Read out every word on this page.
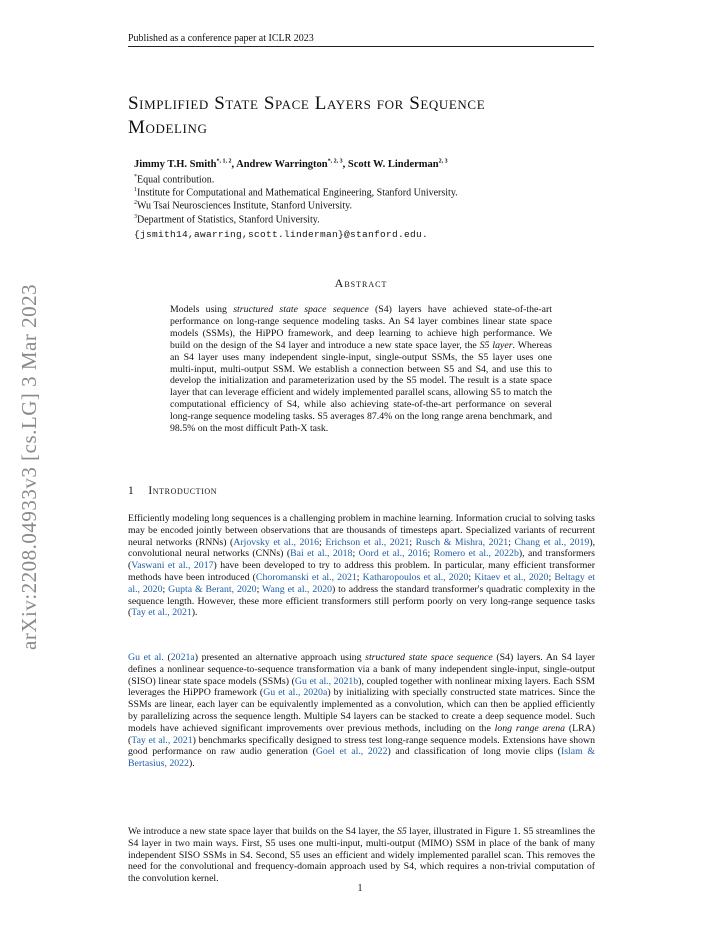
Published as a conference paper at ICLR 2023
arXiv:2208.04933v3 [cs.LG] 3 Mar 2023
Simplified State Space Layers for Sequence
Modeling
Jimmy T.H. Smith$^{*, 1, 2}$, Andrew Warrington$^{*, 2, 3}$, Scott W. Linderman$^{2, 3}$
*Equal contribution.
$^1$Institute for Computational and Mathematical Engineering, Stanford University.
$^2$Wu Tsai Neurosciences Institute, Stanford University.
$^3$Department of Statistics, Stanford University.
{jsmith14,awarring,scott.linderman}@stanford.edu.
Abstract
Models using structured state space sequence (S4) layers have achieved state-of-the-art performance on long-range sequence modeling tasks. An S4 layer combines linear state space models (SSMs), the HiPPO framework, and deep learning to achieve high performance. We build on the design of the S4 layer and introduce a new state space layer, the S5 layer. Whereas an S4 layer uses many independent single-input, single-output SSMs, the S5 layer uses one multi-input, multi-output SSM. We establish a connection between S5 and S4, and use this to develop the initialization and parameterization used by the S5 model. The result is a state space layer that can leverage efficient and widely implemented parallel scans, allowing S5 to match the computational efficiency of S4, while also achieving state-of-the-art performance on several long-range sequence modeling tasks. S5 averages 87.4% on the long range arena benchmark, and 98.5% on the most difficult Path-X task.
1 Introduction

Efficiently modeling long sequences is a challenging problem in machine learning. Information crucial to solving tasks may be encoded jointly between observations that are thousands of timesteps apart. Specialized variants of recurrent neural networks (RNNs) (Arjovsky et al., 2016; Erichson et al., 2021; Rusch & Mishra, 2021; Chang et al., 2019), convolutional neural networks (CNNs) (Bai et al., 2018; Oord et al., 2016; Romero et al., 2022b), and transformers (Vaswani et al., 2017) have been developed to try to address this problem. In particular, many efficient transformer methods have been introduced (Choromanski et al., 2021; Katharopoulos et al., 2020; Kitaev et al., 2020; Beltagy et al., 2020; Gupta & Berant, 2020; Wang et al., 2020) to address the standard transformer's quadratic complexity in the sequence length. However, these more efficient transformers still perform poorly on very long-range sequence tasks (Tay et al., 2021).

Gu et al. (2021a) presented an alternative approach using structured state space sequence (S4) layers. An S4 layer defines a nonlinear sequence-to-sequence transformation via a bank of many independent single-input, single-output (SISO) linear state space models (SSMs) (Gu et al., 2021b), coupled together with nonlinear mixing layers. Each SSM leverages the HiPPO framework (Gu et al., 2020a) by initializing with specially constructed state matrices. Since the SSMs are linear, each layer can be equivalently implemented as a convolution, which can then be applied efficiently by parallelizing across the sequence length. Multiple S4 layers can be stacked to create a deep sequence model. Such models have achieved significant improvements over previous methods, including on the long range arena (LRA) (Tay et al., 2021) benchmarks specifically designed to stress test long-range sequence models. Extensions have shown good performance on raw audio generation (Goel et al., 2022) and classification of long movie clips (Islam & Bertasius, 2022).

We introduce a new state space layer that builds on the S4 layer, the S5 layer, illustrated in Figure 1. S5 streamlines the S4 layer in two main ways. First, S5 uses one multi-input, multi-output (MIMO) SSM in place of the bank of many independent SISO SSMs in S4. Second, S5 uses an efficient and widely implemented parallel scan. This removes the need for the convolutional and frequency-domain approach used by S4, which requires a non-trivial computation of the convolution kernel.

1
